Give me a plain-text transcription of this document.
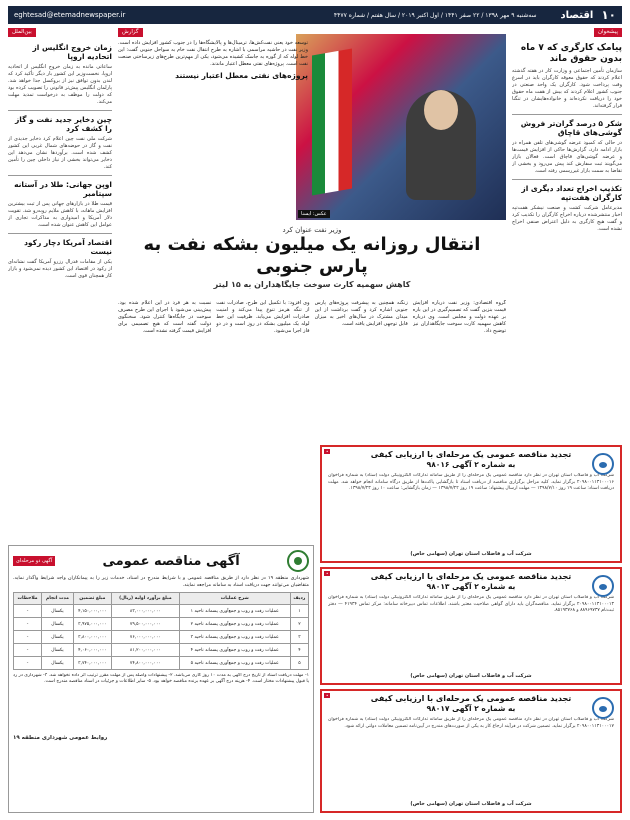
۱۰
اقتصاد
سه‌شنبه ۹ مهر ۱۳۹۸ / ۲۲ صفر ۱۴۴۱ / اول اکتبر ۲۰۱۹ / سال هفتم / شماره ۴۴۷۷
eghtesad@etemadnewspaper.ir
پیشخوان
پیامک کارگری که ۷ ماه بدون حقوق ماند
سازمان تأمین اجتماعی و وزارت کار در هفته گذشته اعلام کردند که حقوق معوقه کارگران باید در اسرع وقت پرداخت شود. کارگران یک واحد صنعتی در جنوب کشور اعلام کردند که بیش از هفت ماه حقوق خود را دریافت نکرده‌اند و خانواده‌هایشان در تنگنا قرار گرفته‌اند.
شکر ۵ درصد گران‌تر فروش گوشی‌های قاچاق
در حالی که کمبود عرضه گوشی‌های تلفن همراه در بازار ادامه دارد، گزارش‌ها حاکی از افزایش قیمت‌ها و عرضه گوشی‌های قاچاق است. فعالان بازار می‌گویند ثبت سفارش کند پیش می‌رود و بخشی از تقاضا به سمت بازار غیررسمی رفته است.
تکذیب اخراج تعداد دیگری از کارگران هفت‌تپه
مدیرعامل شرکت کشت و صنعت نیشکر هفت‌تپه اخبار منتشرشده درباره اخراج کارگران را تکذیب کرد و گفت هیچ کارگری به دلیل اعتراض صنفی اخراج نشده است.
بین‌الملل
زمان خروج انگلیس از اتحادیه اروپا
ساعاتی مانده به زمان خروج انگلیس از اتحادیه اروپا، نخست‌وزیر این کشور بار دیگر تأکید کرد که لندن بدون توافق نیز از بروکسل جدا خواهد شد. پارلمان انگلیس پیش‌تر قانونی را تصویب کرده بود که دولت را موظف به درخواست تمدید مهلت می‌کند.
چین دخایر جدید نفت و گاز را کشف کرد
شرکت ملی نفت چین اعلام کرد ذخایر جدیدی از نفت و گاز در حوضه‌های شمال غربی این کشور کشف شده است. برآوردها نشان می‌دهد این ذخایر می‌تواند بخشی از نیاز داخلی چین را تأمین کند.
اوپن جهانی: طلا در آستانه سپتامبر
قیمت طلا در بازارهای جهانی پس از ثبت بیشترین افزایش ماهانه، با کاهش ملایم روبه‌رو شد. تقویت دلار آمریکا و امیدواری به مذاکرات تجاری از عوامل این کاهش عنوان شده است.
اقتصاد آمریکا دچار رکود نیست
یکی از مقامات فدرال رزرو آمریکا گفت نشانه‌ای از رکود در اقتصاد این کشور دیده نمی‌شود و بازار کار همچنان قوی است.
عکس: ایسنا
گزارش
توسعه خود یعنی نفت‌کش‌ها، ترمینال‌ها و پالایشگاه‌ها را در جنوب کشور افزایش داده است. وزیر نفت در حاشیه مراسمی با اشاره به طرح انتقال نفت خام به سواحل جنوبی گفت: این خط لوله که از گوره به جاسک کشیده می‌شود، یکی از مهم‌ترین طرح‌های زیرساختی صنعت نفت است. پروژه‌های نفتی معطل اعتبار ماندند.
پروژه‌های نفتی معطل اعتبار نیستند
وزیر نفت عنوان کرد
انتقال روزانه یک میلیون بشکه نفت به پارس جنوبی
کاهش سهمیه کارت سوخت جایگاهداران به ۱۵ لیتر
گروه اقتصادی: وزیر نفت درباره افزایش قیمت بنزین گفت که تصمیم‌گیری در این باره بر عهده دولت و مجلس است. وی درباره کاهش سهمیه کارت سوخت جایگاهداران نیز توضیح داد.
زنگنه همچنین به پیشرفت پروژه‌های پارس جنوبی اشاره کرد و گفت برداشت از این میدان مشترک در سال‌های اخیر به میزان قابل توجهی افزایش یافته است.
وی افزود: با تکمیل این طرح، صادرات نفت از تنگه هرمز تنوع پیدا می‌کند و امنیت صادرات افزایش می‌یابد. ظرفیت این خط لوله یک میلیون بشکه در روز است و در دو فاز اجرا می‌شود.
نسبت به هر فرد در این اعلام شده بود. پیش‌بینی می‌شود با اجرای این طرح مصرف سوخت در جایگاه‌ها کنترل شود. سخنگوی دولت گفته است که هیچ تصمیمی برای افزایش قیمت گرفته نشده است.
•	تجدید مناقصه عمومی یک مرحله‌ای با ارزیابی کیفی
به شماره ۲ آگهی ۹۸۰۱۶
شرکت آب و فاضلاب استان تهران در نظر دارد مناقصه عمومی یک مرحله‌ای را از طریق سامانه تدارکات الکترونیکی دولت (ستاد) به شماره فراخوان ۲۰۹۸۰۰۱۱۳۱۰۰۰۱۶ برگزار نماید. کلیه مراحل برگزاری مناقصه از دریافت اسناد تا بازگشایی پاکت‌ها از طریق درگاه سامانه انجام خواهد شد. مهلت دریافت اسناد: ساعت ۱۹ روز ۱۳۹۸/۷/۱۰ — مهلت ارسال پیشنهاد: ساعت ۱۹ روز ۱۳۹۸/۷/۲۲ — زمان بازگشایی: ساعت ۱۰ روز ۱۳۹۸/۷/۲۳.
شرکت آب و فاضلاب استان تهران (سهامی خاص)
•	تجدید مناقصه عمومی یک مرحله‌ای با ارزیابی کیفی
به شماره ۲ آگهی ۹۸۰۱۳
شرکت آب و فاضلاب استان تهران در نظر دارد مناقصه عمومی یک مرحله‌ای را از طریق سامانه تدارکات الکترونیکی دولت (ستاد) به شماره فراخوان ۲۰۹۸۰۰۱۱۳۱۰۰۰۱۳ برگزار نماید. مناقصه‌گران باید دارای گواهی صلاحیت معتبر باشند. اطلاعات تماس دبیرخانه سامانه: مرکز تماس ۴۱۹۳۴ — دفتر ثبت‌نام ۸۸۹۶۹۷۳۷ و ۸۵۱۹۳۷۶۸.
شرکت آب و فاضلاب استان تهران (سهامی خاص)
•	تجدید مناقصه عمومی یک مرحله‌ای با ارزیابی کیفی
به شماره ۲ آگهی ۹۸۰۱۷
شرکت آب و فاضلاب استان تهران در نظر دارد مناقصه عمومی یک مرحله‌ای را از طریق سامانه تدارکات الکترونیکی دولت (ستاد) به شماره فراخوان ۲۰۹۸۰۰۱۱۳۱۰۰۰۱۷ برگزار نماید. تضمین شرکت در فرآیند ارجاع کار به یکی از صورت‌های مندرج در آیین‌نامه تضمین معاملات دولتی ارائه شود.
شرکت آب و فاضلاب استان تهران (سهامی خاص)
آگهی مناقصه عمومی
آگهی دو مرحله‌ای
شهرداری منطقه ۱۹ در نظر دارد از طریق مناقصه عمومی و با شرایط مندرج در اسناد، خدمات زیر را به پیمانکاران واجد شرایط واگذار نماید. متقاضیان می‌توانند جهت دریافت اسناد به سامانه مراجعه نمایند.
ردیف	شرح عملیات	مبلغ برآورد اولیه (ریال)	مبلغ تضمین	مدت انجام	ملاحظات
۱	عملیات رفت و روب و جمع‌آوری پسماند ناحیه ۱	۸۳,۰۰۰,۰۰۰,۰۰۰	۴,۱۵۰,۰۰۰,۰۰۰	یکسال	-
۲	عملیات رفت و روب و جمع‌آوری پسماند ناحیه ۲	۷۹,۵۰۰,۰۰۰,۰۰۰	۳,۹۷۵,۰۰۰,۰۰۰	یکسال	-
۳	عملیات رفت و روب و جمع‌آوری پسماند ناحیه ۳	۷۶,۰۰۰,۰۰۰,۰۰۰	۳,۸۰۰,۰۰۰,۰۰۰	یکسال	-
۴	عملیات رفت و روب و جمع‌آوری پسماند ناحیه ۴	۸۱,۲۰۰,۰۰۰,۰۰۰	۴,۰۶۰,۰۰۰,۰۰۰	یکسال	-
۵	عملیات رفت و روب و جمع‌آوری پسماند ناحیه ۵	۷۴,۸۰۰,۰۰۰,۰۰۰	۳,۷۴۰,۰۰۰,۰۰۰	یکسال	-
۱- مهلت دریافت اسناد از تاریخ درج آگهی به مدت ۱۰ روز کاری می‌باشد. ۲- پیشنهادات واصله پس از مهلت مقرر ترتیب اثر داده نخواهد شد. ۳- شهرداری در رد یا قبول پیشنهادات مختار است. ۴- هزینه درج آگهی بر عهده برنده مناقصه خواهد بود. ۵- سایر اطلاعات و جزئیات در اسناد مناقصه مندرج است.
روابط عمومی شهرداری منطقه ۱۹
